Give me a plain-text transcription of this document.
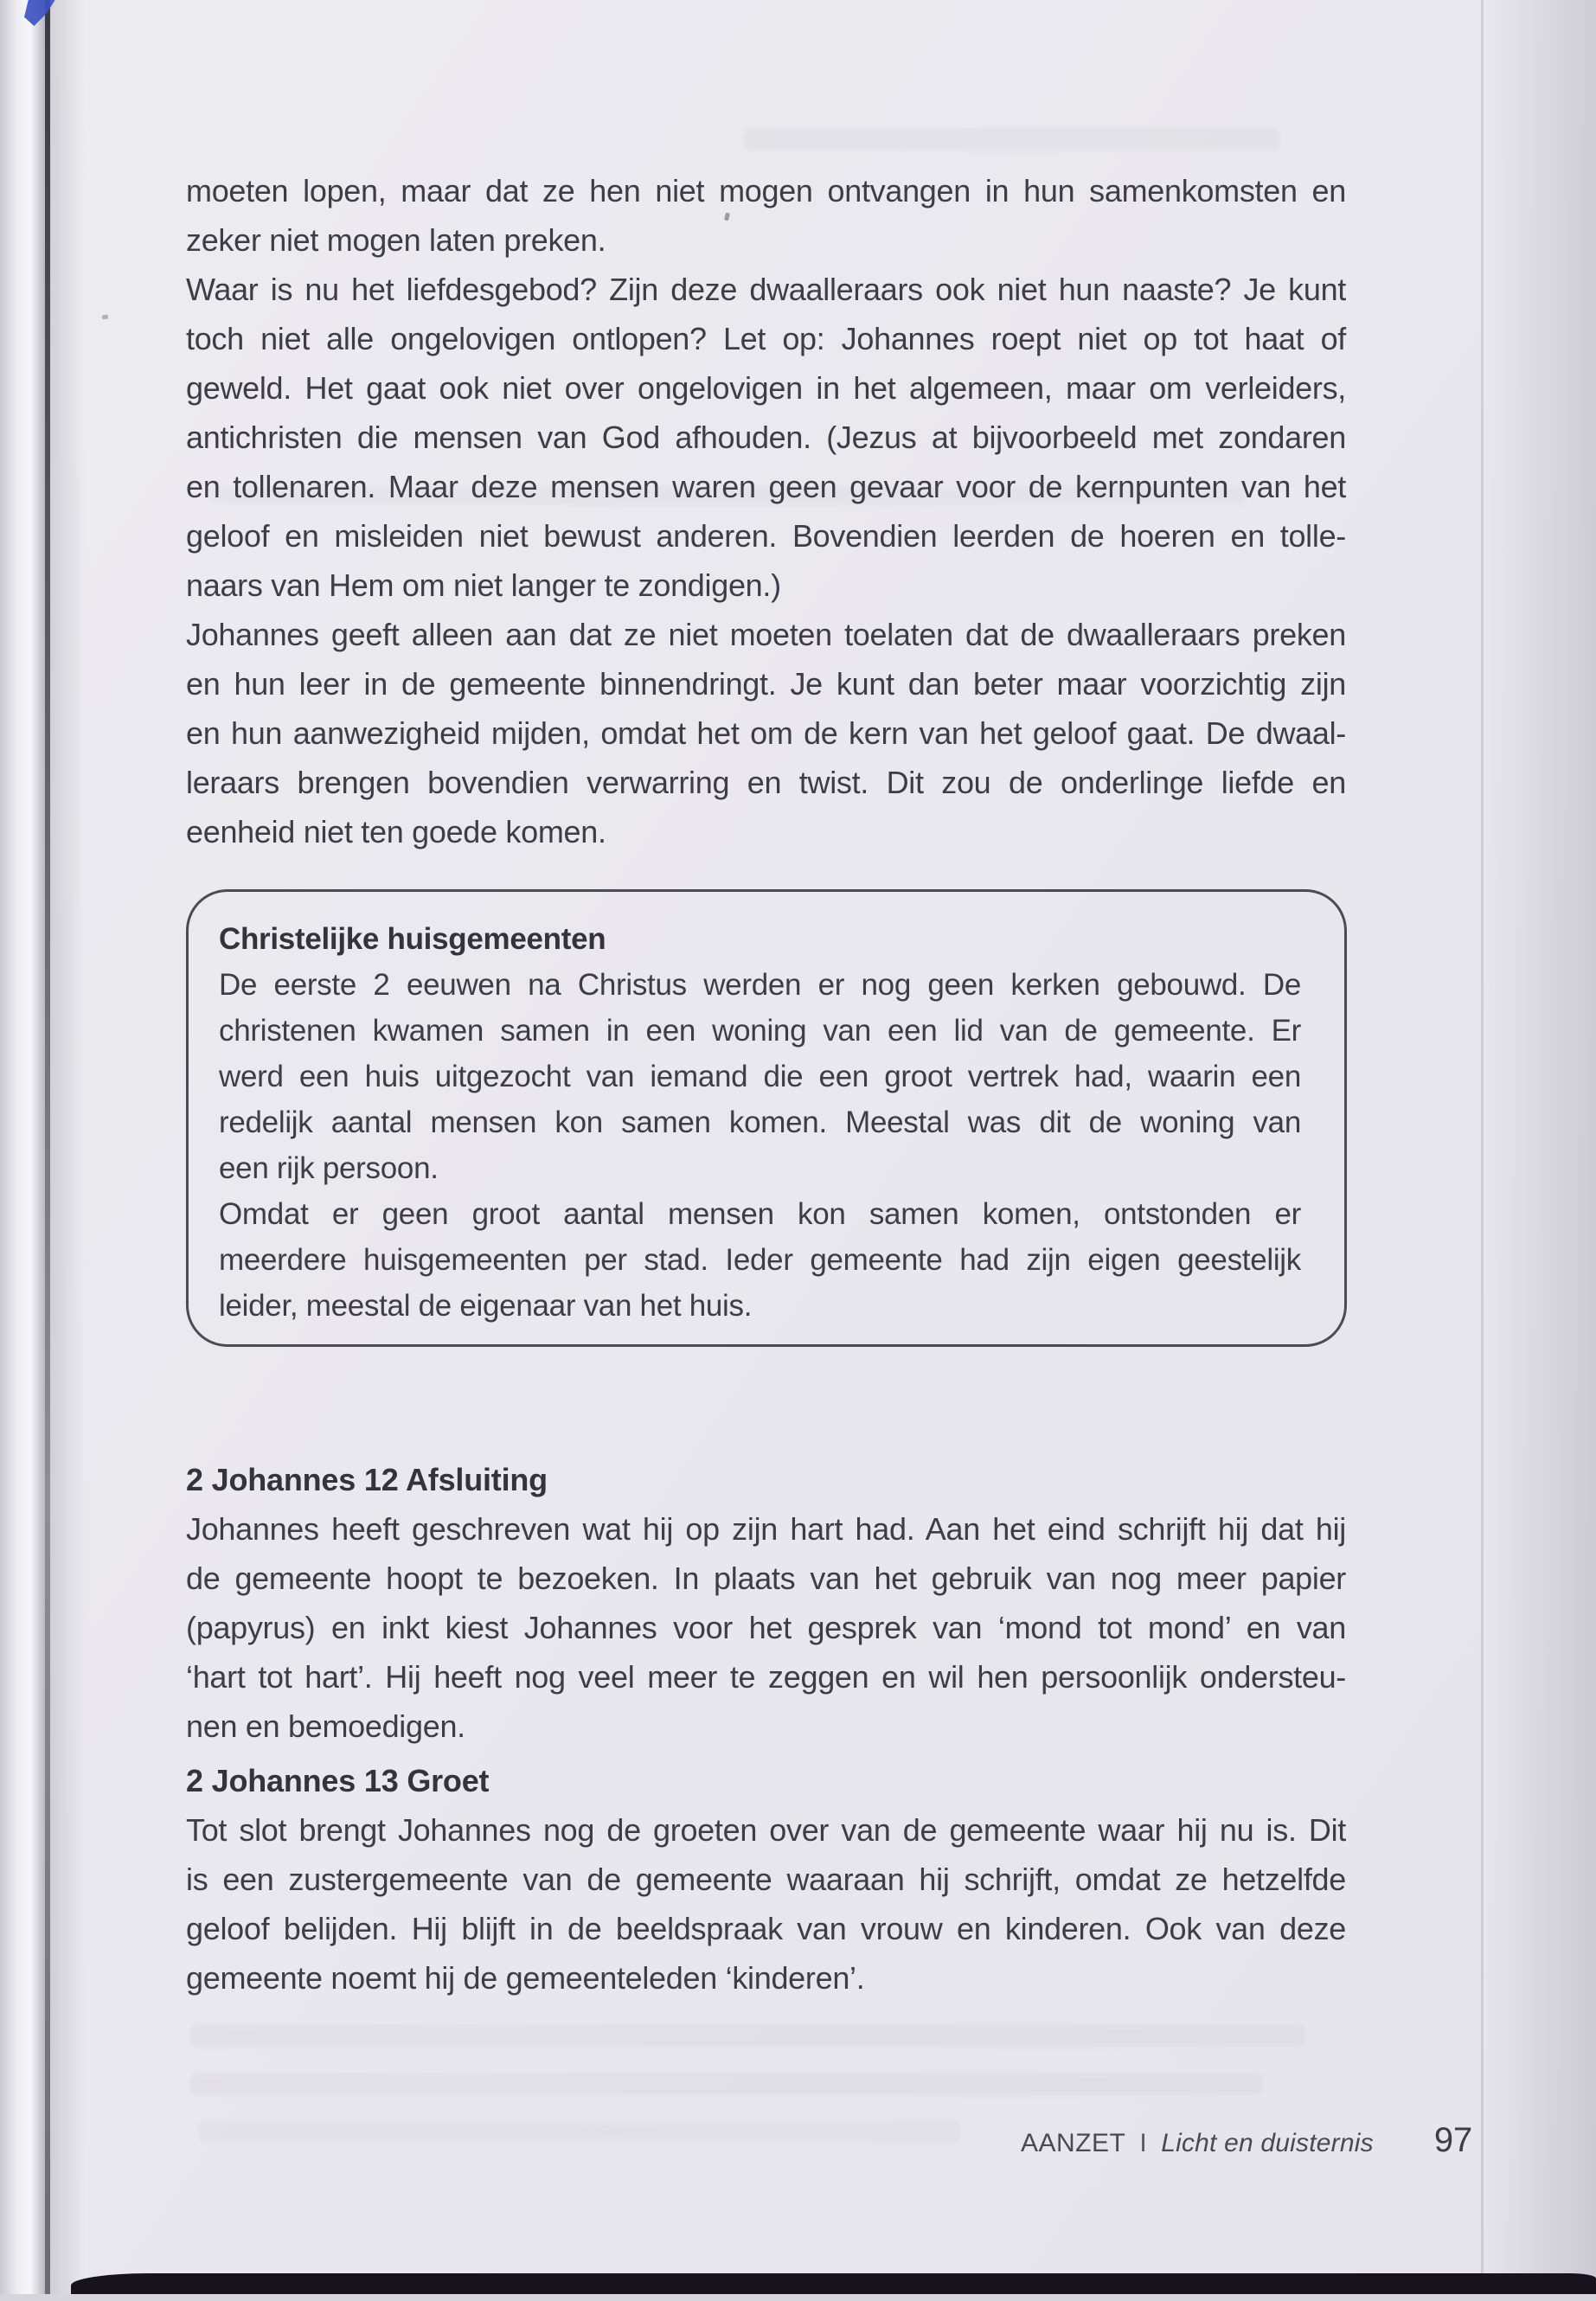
moeten lopen, maar dat ze hen niet mogen ontvangen in hun samenkomsten en
zeker niet mogen laten preken.
Waar is nu het liefdesgebod? Zijn deze dwaalleraars ook niet hun naaste? Je kunt
toch niet alle ongelovigen ontlopen? Let op: Johannes roept niet op tot haat of
geweld. Het gaat ook niet over ongelovigen in het algemeen, maar om verleiders,
antichristen die mensen van God afhouden. (Jezus at bijvoorbeeld met zondaren
en tollenaren. Maar deze mensen waren geen gevaar voor de kernpunten van het
geloof en misleiden niet bewust anderen. Bovendien leerden de hoeren en tolle-
naars van Hem om niet langer te zondigen.)
Johannes geeft alleen aan dat ze niet moeten toelaten dat de dwaalleraars preken
en hun leer in de gemeente binnendringt. Je kunt dan beter maar voorzichtig zijn
en hun aanwezigheid mijden, omdat het om de kern van het geloof gaat. De dwaal-
leraars brengen bovendien verwarring en twist. Dit zou de onderlinge liefde en
eenheid niet ten goede komen.
Christelijke huisgemeenten
De eerste 2 eeuwen na Christus werden er nog geen kerken gebouwd. De
christenen kwamen samen in een woning van een lid van de gemeente. Er
werd een huis uitgezocht van iemand die een groot vertrek had, waarin een
redelijk aantal mensen kon samen komen. Meestal was dit de woning van
een rijk persoon.
Omdat er geen groot aantal mensen kon samen komen, ontstonden er
meerdere huisgemeenten per stad. Ieder gemeente had zijn eigen geestelijk
leider, meestal de eigenaar van het huis.
2 Johannes 12 Afsluiting
Johannes heeft geschreven wat hij op zijn hart had. Aan het eind schrijft hij dat hij
de gemeente hoopt te bezoeken. In plaats van het gebruik van nog meer papier
(papyrus) en inkt kiest Johannes voor het gesprek van ‘mond tot mond’ en van
‘hart tot hart’. Hij heeft nog veel meer te zeggen en wil hen persoonlijk ondersteu-
nen en bemoedigen.
2 Johannes 13 Groet
Tot slot brengt Johannes nog de groeten over van de gemeente waar hij nu is. Dit
is een zustergemeente van de gemeente waaraan hij schrijft, omdat ze hetzelfde
geloof belijden. Hij blijft in de beeldspraak van vrouw en kinderen. Ook van deze
gemeente noemt hij de gemeenteleden ‘kinderen’.
AANZET I Licht en duisternis 97
